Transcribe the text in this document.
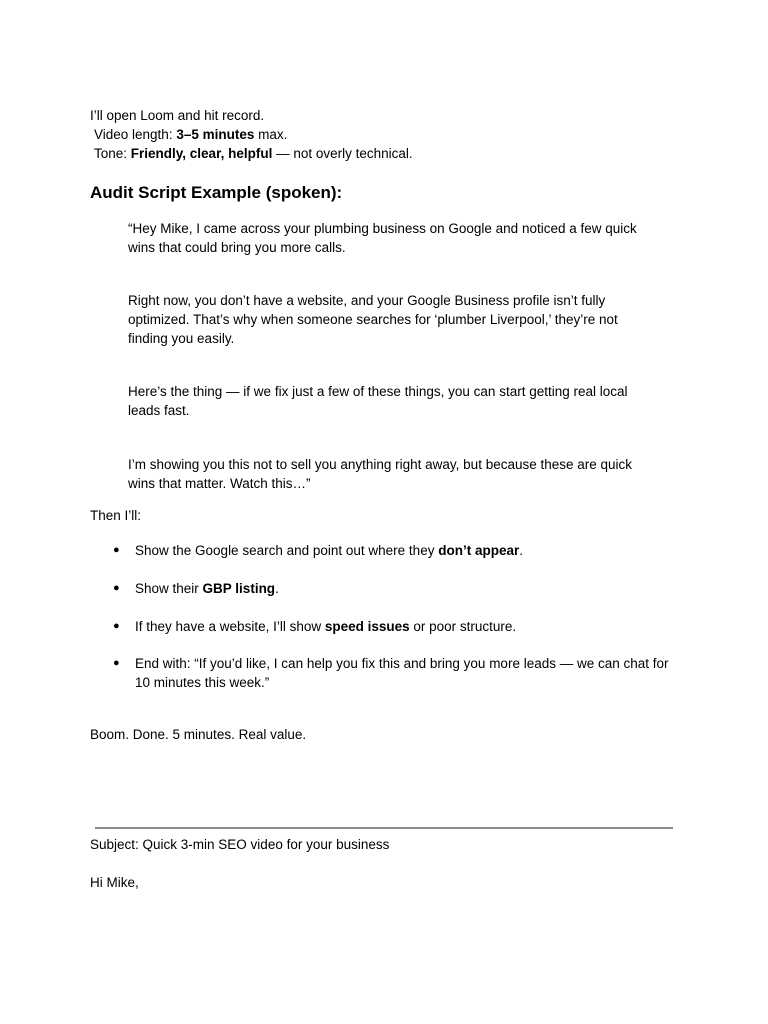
I’ll open Loom and hit record.
Video length: 3–5 minutes max.
Tone: Friendly, clear, helpful — not overly technical.
Audit Script Example (spoken):
“Hey Mike, I came across your plumbing business on Google and noticed a few quick wins that could bring you more calls.
Right now, you don’t have a website, and your Google Business profile isn’t fully optimized. That’s why when someone searches for ‘plumber Liverpool,’ they’re not finding you easily.
Here’s the thing — if we fix just a few of these things, you can start getting real local leads fast.
I’m showing you this not to sell you anything right away, but because these are quick wins that matter. Watch this…”
Then I’ll:
● Show the Google search and point out where they don’t appear.
● Show their GBP listing.
● If they have a website, I’ll show speed issues or poor structure.
● End with: “If you’d like, I can help you fix this and bring you more leads — we can chat for 10 minutes this week.”
Boom. Done. 5 minutes. Real value.
Subject: Quick 3-min SEO video for your business
Hi Mike,
